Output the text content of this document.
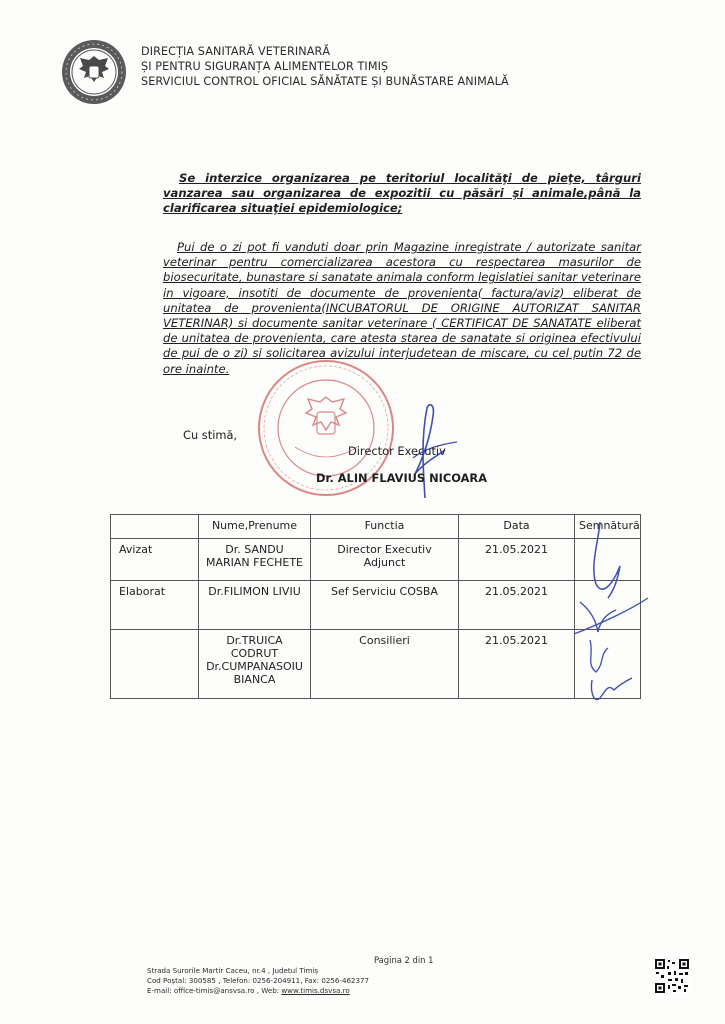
DIRECȚIA SANITARĂ VETERINARĂ
ȘI PENTRU SIGURANȚA ALIMENTELOR TIMIȘ
SERVICIUL CONTROL OFICIAL SĂNĂTATE ȘI BUNĂSTARE ANIMALĂ
Se interzice organizarea pe teritoriul localităţi de pieţe, târguri vanzarea sau organizarea de expozitii cu păsări şi animale,până la clarificarea situaţiei epidemiologice;
Pui de o zi pot fi vanduti doar prin Magazine inregistrate / autorizate sanitar veterinar pentru comercializarea acestora cu respectarea masurilor de biosecuritate, bunastare si sanatate animala conform legislatiei sanitar veterinare in vigoare, insotiti de documente de provenienta( factura/aviz) eliberat de unitatea de provenienta(INCUBATORUL DE ORIGINE AUTORIZAT SANITAR VETERINAR) si documente sanitar veterinare ( CERTIFICAT DE SANATATE eliberat de unitatea de provenienta, care atesta starea de sanatate si originea efectivului de pui de o zi) si solicitarea avizului interjudetean de miscare, cu cel putin 72 de ore inainte.
Cu stimă,
Director Executiv
Dr. ALIN FLAVIUS NICOARA
	Nume,Prenume	Functia	Data	Semnătură
Avizat	Dr. SANDU MARIAN FECHETE	Director Executiv Adjunct	21.05.2021	
Elaborat	Dr.FILIMON LIVIU	Sef Serviciu COSBA	21.05.2021	
	Dr.TRUICA CODRUT Dr.CUMPANASOIU BIANCA	Consilieri	21.05.2021	
Pagina 2 din 1
Strada Surorile Martir Caceu, nr.4 , Judetul Timiș
Cod Poștal: 300585 , Telefon: 0256-204911, Fax: 0256-462377
E-mail: office-timis@ansvsa.ro , Web: www.timis.dsvsa.ro
